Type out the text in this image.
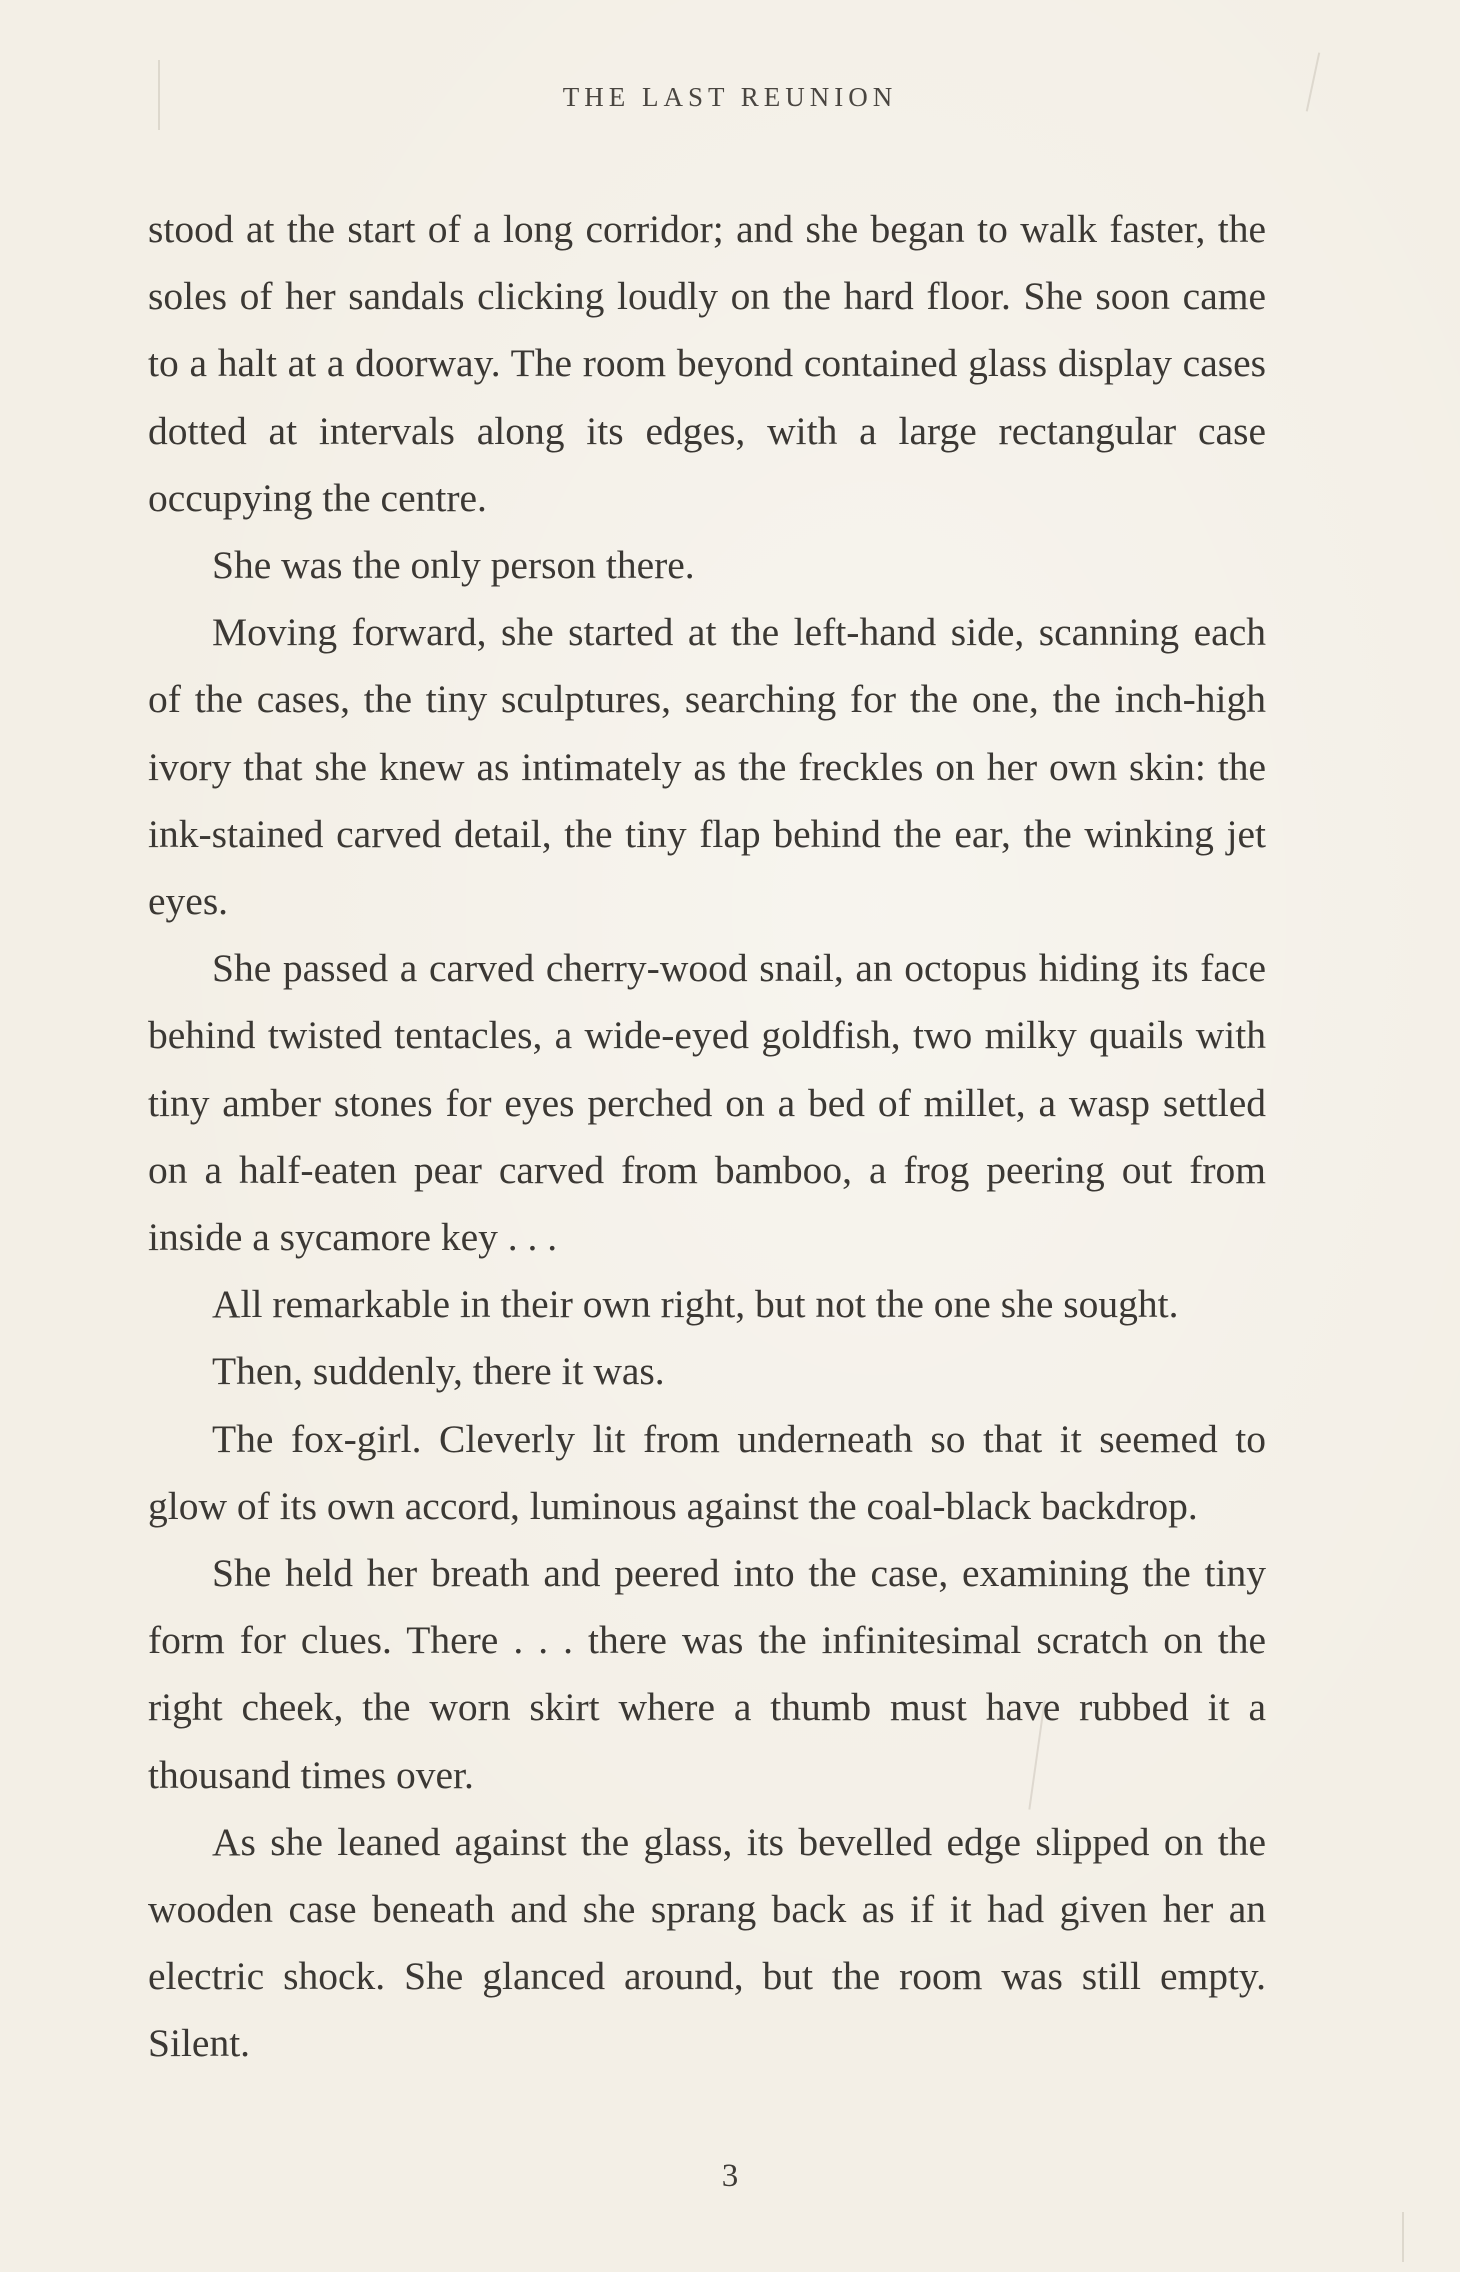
THE LAST REUNION

stood at the start of a long corridor; and she began to walk faster, the soles of her sandals clicking loudly on the hard floor. She soon came to a halt at a doorway. The room beyond contained glass display cases dotted at intervals along its edges, with a large rectangular case occupying the centre.

She was the only person there.

Moving forward, she started at the left-hand side, scanning each of the cases, the tiny sculptures, searching for the one, the inch-high ivory that she knew as intimately as the freckles on her own skin: the ink-stained carved detail, the tiny flap behind the ear, the winking jet eyes.

She passed a carved cherry-wood snail, an octopus hiding its face behind twisted tentacles, a wide-eyed goldfish, two milky quails with tiny amber stones for eyes perched on a bed of millet, a wasp settled on a half-eaten pear carved from bamboo, a frog peering out from inside a sycamore key . . .

All remarkable in their own right, but not the one she sought.

Then, suddenly, there it was.

The fox-girl. Cleverly lit from underneath so that it seemed to glow of its own accord, luminous against the coal-black backdrop.

She held her breath and peered into the case, examining the tiny form for clues. There . . . there was the infinitesimal scratch on the right cheek, the worn skirt where a thumb must have rubbed it a thousand times over.

As she leaned against the glass, its bevelled edge slipped on the wooden case beneath and she sprang back as if it had given her an electric shock. She glanced around, but the room was still empty. Silent.

3
